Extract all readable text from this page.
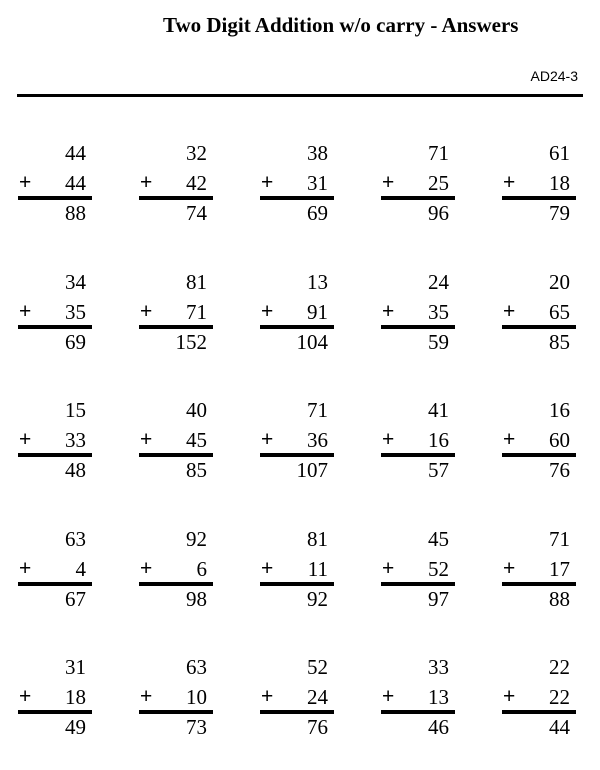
Two Digit Addition w/o carry - Answers
AD24-3
44
+ 44
88
32
+ 42
74
38
+ 31
69
71
+ 25
96
61
+ 18
79
34
+ 35
69
81
+ 71
152
13
+ 91
104
24
+ 35
59
20
+ 65
85
15
+ 33
48
40
+ 45
85
71
+ 36
107
41
+ 16
57
16
+ 60
76
63
+ 4
67
92
+ 6
98
81
+ 11
92
45
+ 52
97
71
+ 17
88
31
+ 18
49
63
+ 10
73
52
+ 24
76
33
+ 13
46
22
+ 22
44
